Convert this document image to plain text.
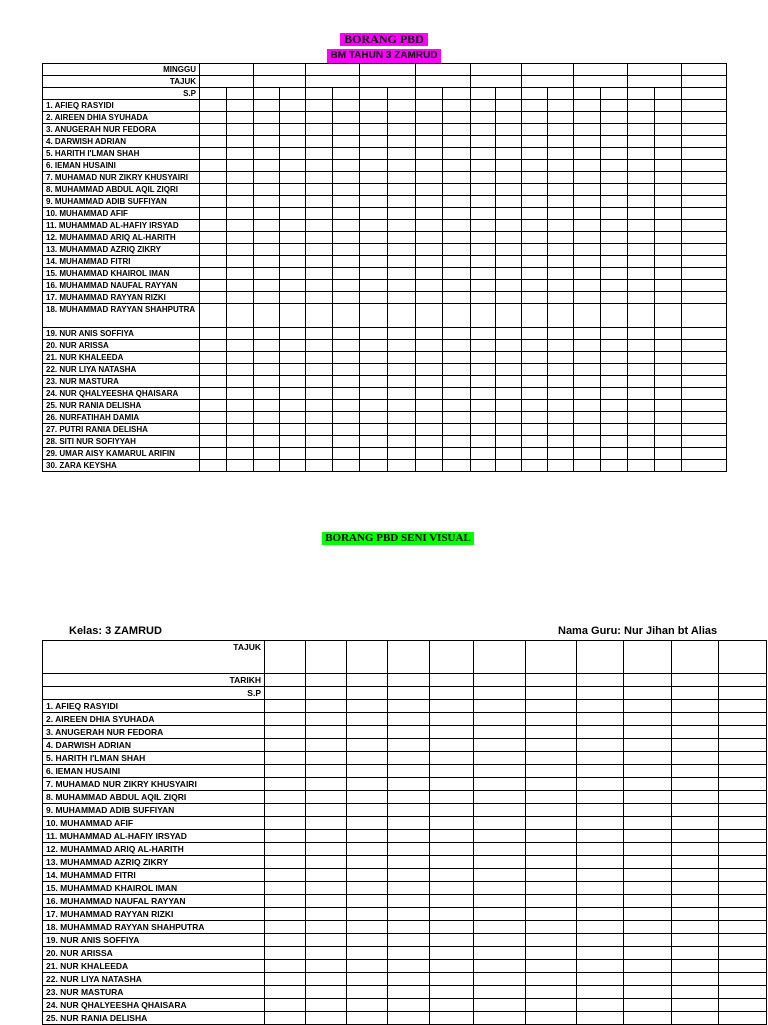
BORANG PBD
BM TAHUN 3 ZAMRUD
MINGGU																			
TAJUK																			
S.P																			
1. AFIEQ RASYIDI																			
2. AIREEN DHIA SYUHADA																			
3. ANUGERAH NUR FEDORA																			
4. DARWISH ADRIAN																			
5. HARITH I'LMAN SHAH																			
6. IEMAN HUSAINI																			
7. MUHAMAD NUR ZIKRY KHUSYAIRI																			
8. MUHAMMAD ABDUL AQIL ZIQRI																			
9. MUHAMMAD ADIB SUFFIYAN																			
10. MUHAMMAD AFIF																			
11. MUHAMMAD AL-HAFIY IRSYAD																			
12. MUHAMMAD ARIQ AL-HARITH																			
13. MUHAMMAD AZRIQ ZIKRY																			
14. MUHAMMAD FITRI																			
15. MUHAMMAD KHAIROL IMAN																			
16. MUHAMMAD NAUFAL RAYYAN																			
17. MUHAMMAD RAYYAN RIZKI																			
18. MUHAMMAD RAYYAN SHAHPUTRA																			
19. NUR ANIS SOFFIYA																			
20. NUR ARISSA																			
21. NUR KHALEEDA																			
22. NUR LIYA NATASHA																			
23. NUR MASTURA																			
24. NUR QHALYEESHA QHAISARA																			
25. NUR RANIA DELISHA																			
26. NURFATIHAH DAMIA																			
27. PUTRI RANIA DELISHA																			
28. SITI NUR SOFIYYAH																			
29. UMAR AISY KAMARUL ARIFIN																			
30. ZARA KEYSHA																			
BORANG PBD SENI VISUAL
Kelas: 3 ZAMRUD	Nama Guru: Nur Jihan bt Alias
TAJUK											
TARIKH											
S.P											
1. AFIEQ RASYIDI											
2. AIREEN DHIA SYUHADA											
3. ANUGERAH NUR FEDORA											
4. DARWISH ADRIAN											
5. HARITH I'LMAN SHAH											
6. IEMAN HUSAINI											
7. MUHAMAD NUR ZIKRY KHUSYAIRI											
8. MUHAMMAD ABDUL AQIL ZIQRI											
9. MUHAMMAD ADIB SUFFIYAN											
10. MUHAMMAD AFIF											
11. MUHAMMAD AL-HAFIY IRSYAD											
12. MUHAMMAD ARIQ AL-HARITH											
13. MUHAMMAD AZRIQ ZIKRY											
14. MUHAMMAD FITRI											
15. MUHAMMAD KHAIROL IMAN											
16. MUHAMMAD NAUFAL RAYYAN											
17. MUHAMMAD RAYYAN RIZKI											
18. MUHAMMAD RAYYAN SHAHPUTRA											
19. NUR ANIS SOFFIYA											
20. NUR ARISSA											
21. NUR KHALEEDA											
22. NUR LIYA NATASHA											
23. NUR MASTURA											
24. NUR QHALYEESHA QHAISARA											
25. NUR RANIA DELISHA											
